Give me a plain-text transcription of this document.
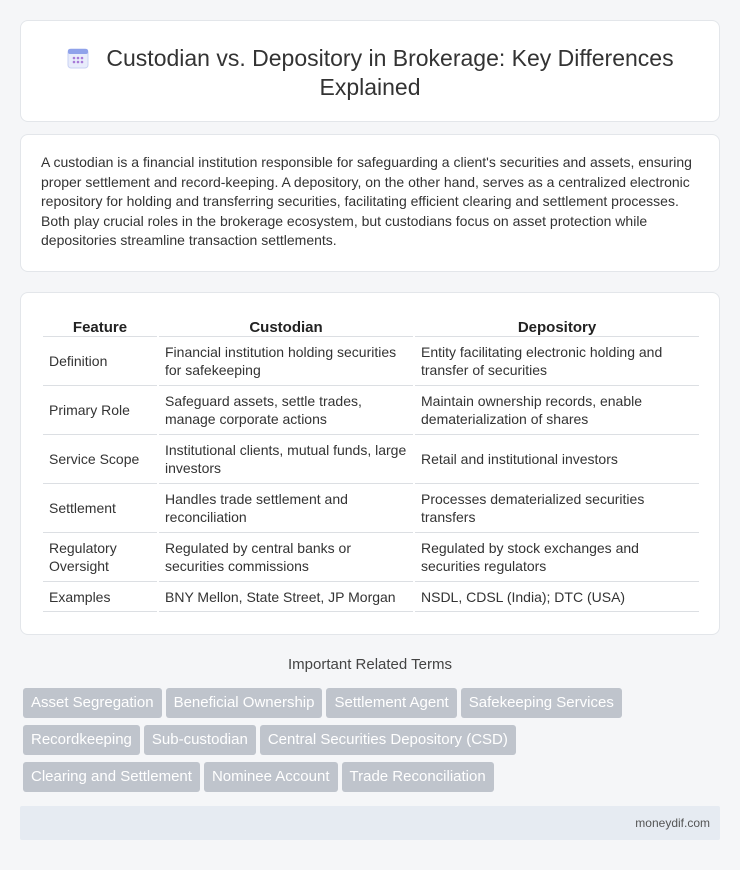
Custodian vs. Depository in Brokerage: Key Differences Explained

A custodian is a financial institution responsible for safeguarding a client's securities and assets, ensuring proper settlement and record-keeping. A depository, on the other hand, serves as a centralized electronic repository for holding and transferring securities, facilitating efficient clearing and settlement processes. Both play crucial roles in the brokerage ecosystem, but custodians focus on asset protection while depositories streamline transaction settlements.

Feature	Custodian	Depository
Definition	Financial institution holding securities for safekeeping	Entity facilitating electronic holding and transfer of securities
Primary Role	Safeguard assets, settle trades, manage corporate actions	Maintain ownership records, enable dematerialization of shares
Service Scope	Institutional clients, mutual funds, large investors	Retail and institutional investors
Settlement	Handles trade settlement and reconciliation	Processes dematerialized securities transfers
Regulatory Oversight	Regulated by central banks or securities commissions	Regulated by stock exchanges and securities regulators
Examples	BNY Mellon, State Street, JP Morgan	NSDL, CDSL (India); DTC (USA)
Important Related Terms
Asset Segregation Beneficial Ownership Settlement Agent Safekeeping Services
Recordkeeping Sub-custodian Central Securities Depository (CSD)
Clearing and Settlement Nominee Account Trade Reconciliation
moneydif.com
